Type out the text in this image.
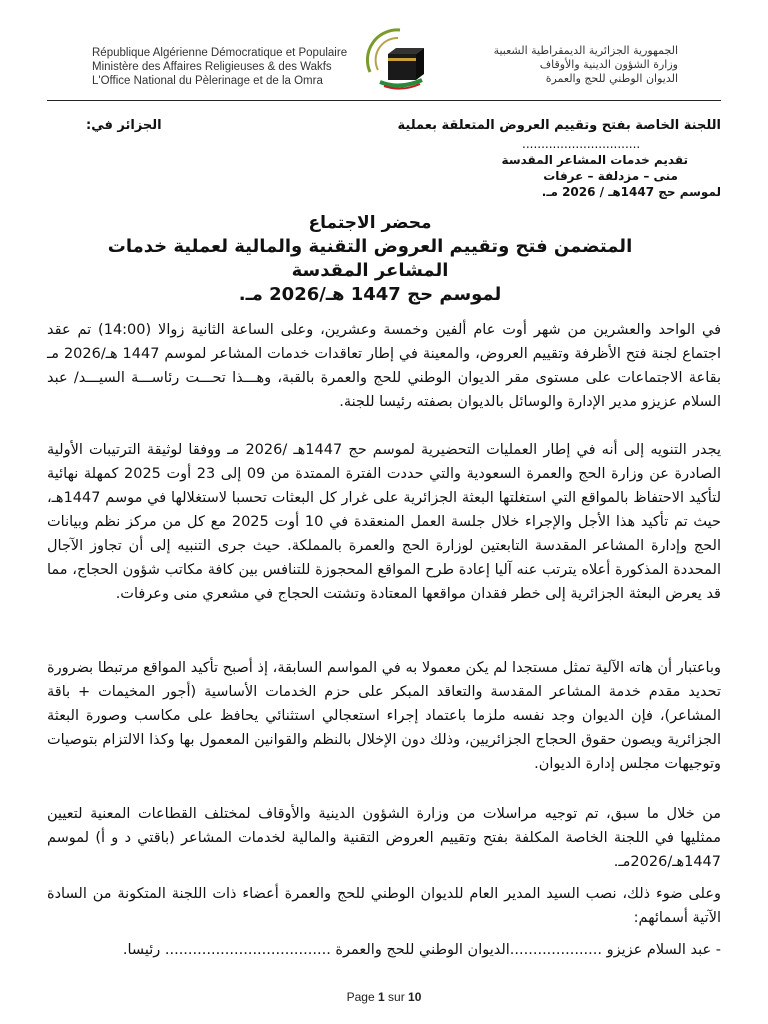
République Algérienne Démocratique et Populaire
Ministère des Affaires Religieuses & des Wakfs
L'Office National du Pèlerinage et de la Omra
الجمهورية الجزائرية الديمقراطية الشعبية
وزارة الشؤون الدينية والأوقاف
الديوان الوطني للحج والعمرة
اللجنة الخاصة بفتح وتقييم العروض المتعلقة بعملية
الجزائر في:
...............................
تقديم خدمات المشاعر المقدسة
منى – مزدلفة – عرفات
لموسم حج 1447هـ / 2026 مـ.
محضر الاجتماع
المتضمن فتح وتقييم العروض التقنية والمالية لعملية خدمات
المشاعر المقدسة
لموسم حج 1447 هـ/2026 مـ.
في الواحد والعشرين من شهر أوت عام ألفين وخمسة وعشرين، وعلى الساعة الثانية زوالا (14:00) تم عقد اجتماع لجنة فتح الأظرفة وتقييم العروض، والمعينة في إطار تعاقدات خدمات المشاعر لموسم 1447 هـ/2026 مـ بقاعة الاجتماعات على مستوى مقر الديوان الوطني للحج والعمرة بالقبة، وهـــذا تحـــت رئاســـة السيـــد/ عبد السلام عزيزو مدير الإدارة والوسائل بالديوان بصفته رئيسا للجنة.
يجدر التنويه إلى أنه في إطار العمليات التحضيرية لموسم حج 1447هـ /2026 مـ ووفقا لوثيقة الترتيبات الأولية الصادرة عن وزارة الحج والعمرة السعودية والتي حددت الفترة الممتدة من 09 إلى 23 أوت 2025 كمهلة نهائية لتأكيد الاحتفاظ بالمواقع التي استغلتها البعثة الجزائرية على غرار كل البعثات تحسبا لاستغلالها في موسم 1447هـ، حيث تم تأكيد هذا الأجل والإجراء خلال جلسة العمل المنعقدة في 10 أوت 2025 مع كل من مركز نظم وبيانات الحج وإدارة المشاعر المقدسة التابعتين لوزارة الحج والعمرة بالمملكة. حيث جرى التنبيه إلى أن تجاوز الآجال المحددة المذكورة أعلاه يترتب عنه آليا إعادة طرح المواقع المحجوزة للتنافس بين كافة مكاتب شؤون الحجاج، مما قد يعرض البعثة الجزائرية إلى خطر فقدان مواقعها المعتادة وتشتت الحجاج في مشعري منى وعرفات.
وباعتبار أن هاته الآلية تمثل مستجدا لم يكن معمولا به في المواسم السابقة، إذ أصبح تأكيد المواقع مرتبطا بضرورة تحديد مقدم خدمة المشاعر المقدسة والتعاقد المبكر على حزم الخدمات الأساسية (أجور المخيمات + باقة المشاعر)، فإن الديوان وجد نفسه ملزما باعتماد إجراء استعجالي استثنائي يحافظ على مكاسب وصورة البعثة الجزائرية ويصون حقوق الحجاج الجزائريين، وذلك دون الإخلال بالنظم والقوانين المعمول بها وكذا الالتزام بتوصيات وتوجيهات مجلس إدارة الديوان.
من خلال ما سبق، تم توجيه مراسلات من وزارة الشؤون الدينية والأوقاف لمختلف القطاعات المعنية لتعيين ممثليها في اللجنة الخاصة المكلفة بفتح وتقييم العروض التقنية والمالية لخدمات المشاعر (باقتي د و أ) لموسم 1447هـ/2026مـ.
وعلى ضوء ذلك، نصب السيد المدير العام للديوان الوطني للحج والعمرة أعضاء ذات اللجنة المتكونة من السادة الآتية أسمائهم:
- عبد السلام عزيزو ....................الديوان الوطني للحج والعمرة .................................... رئيسا.
Page 1 sur 10
